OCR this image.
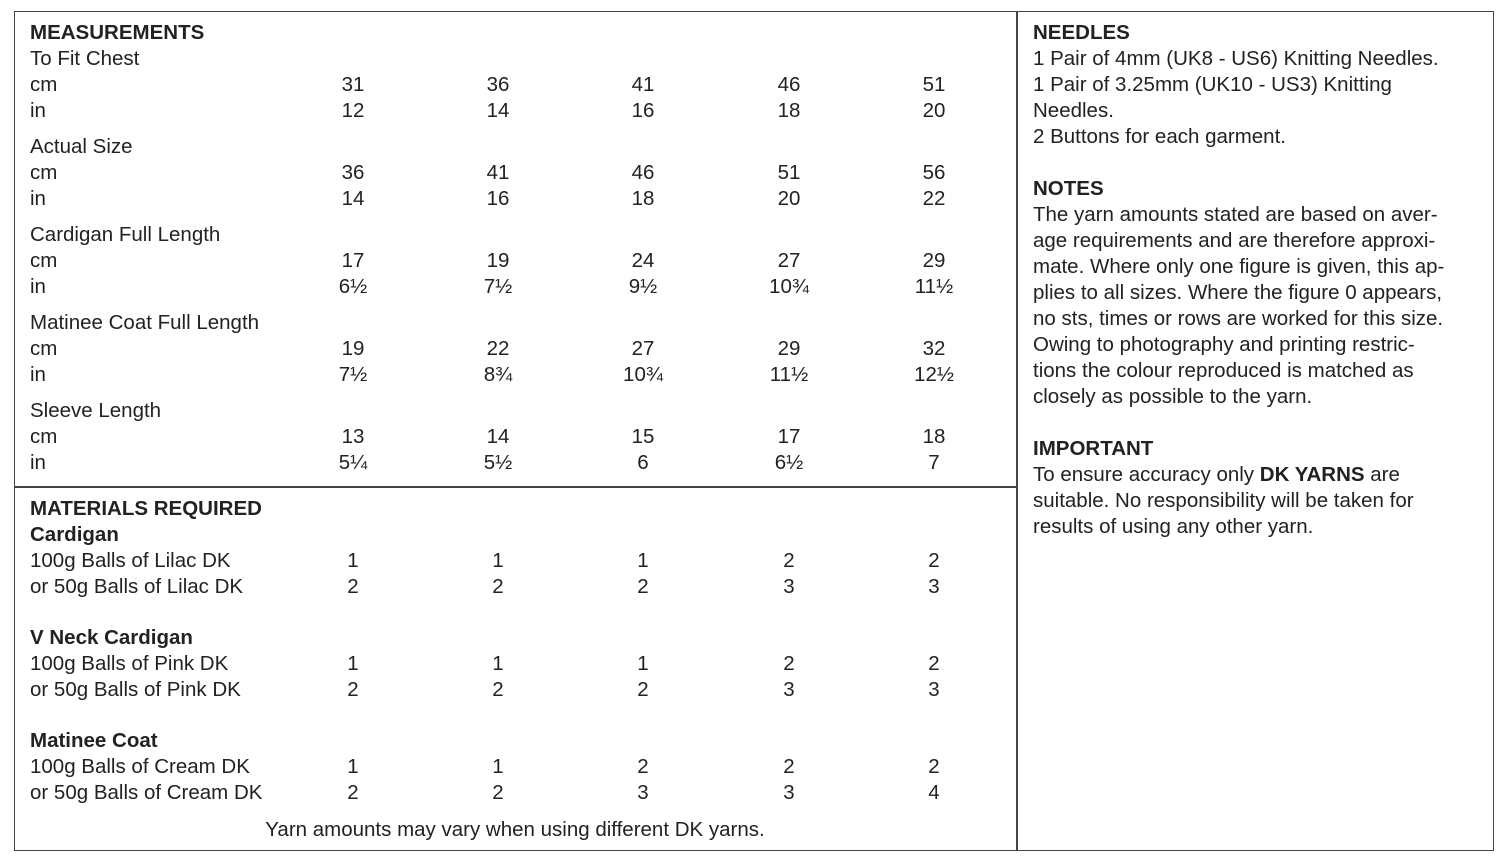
MEASUREMENTS
To Fit Chest
cm	31	36	41	46	51
in	12	14	16	18	20
Actual Size
cm	36	41	46	51	56
in	14	16	18	20	22
Cardigan Full Length
cm	17	19	24	27	29
in	6½	7½	9½	10¾	11½
Matinee Coat Full Length
cm	19	22	27	29	32
in	7½	8¾	10¾	11½	12½
Sleeve Length
cm	13	14	15	17	18
in	5¼	5½	6	6½	7
MATERIALS REQUIRED
Cardigan
100g Balls of Lilac DK	1	1	1	2	2
or 50g Balls of Lilac DK	2	2	2	3	3
V Neck Cardigan
100g Balls of Pink DK	1	1	1	2	2
or 50g Balls of Pink DK	2	2	2	3	3
Matinee Coat
100g Balls of Cream DK	1	1	2	2	2
or 50g Balls of Cream DK	2	2	3	3	4
Yarn amounts may vary when using different DK yarns.
NEEDLES
1 Pair of 4mm (UK8 - US6) Knitting Needles.
1 Pair of 3.25mm (UK10 - US3) Knitting
Needles.
2 Buttons for each garment.
NOTES
The yarn amounts stated are based on aver-
age requirements and are therefore approxi-
mate. Where only one figure is given, this ap-
plies to all sizes. Where the figure 0 appears,
no sts, times or rows are worked for this size.
Owing to photography and printing restric-
tions the colour reproduced is matched as
closely as possible to the yarn.
IMPORTANT
To ensure accuracy only DK YARNS are
suitable. No responsibility will be taken for
results of using any other yarn.
